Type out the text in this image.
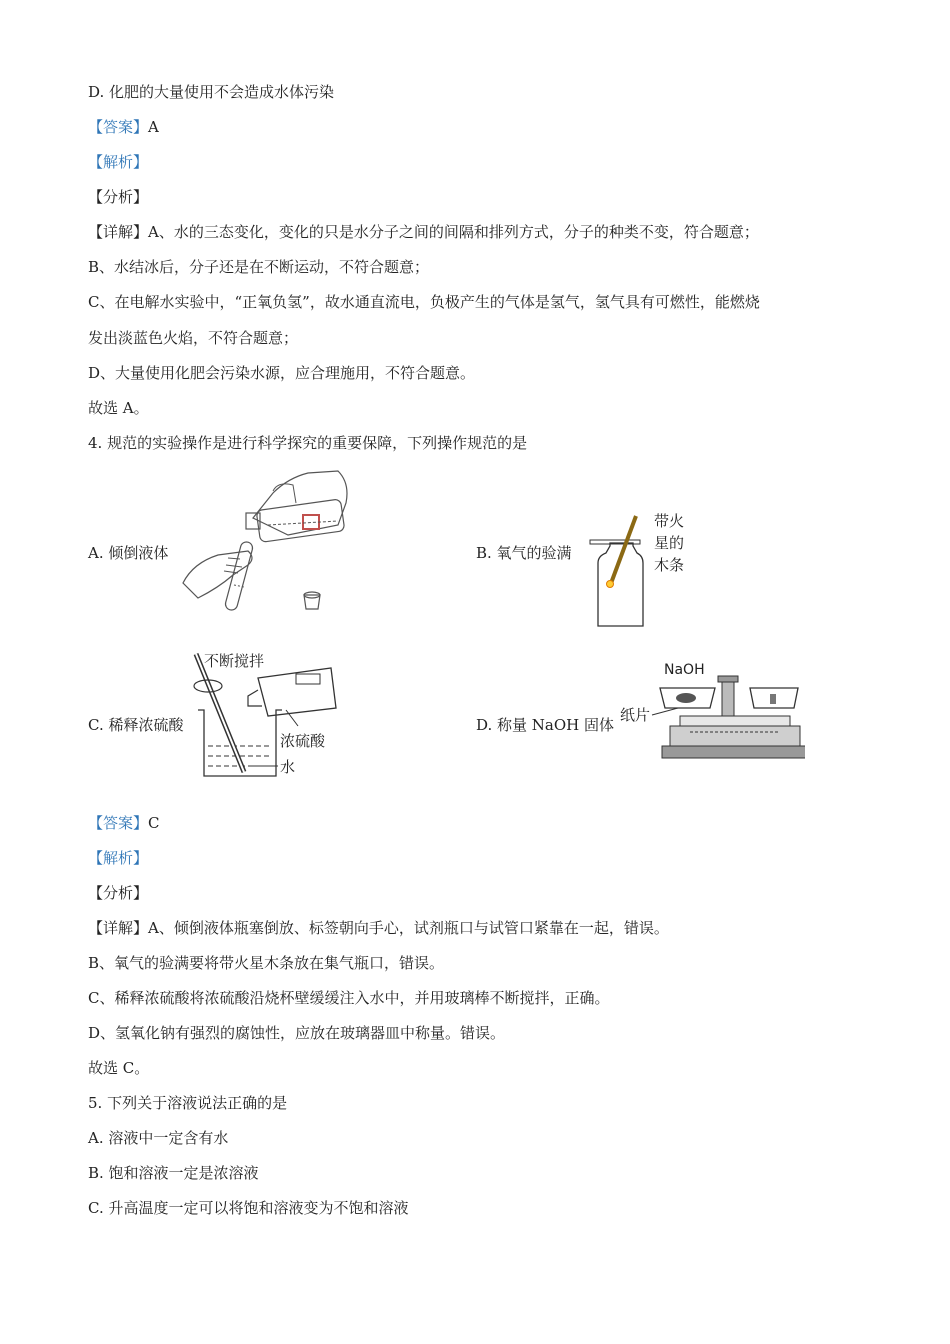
D. 化肥的大量使用不会造成水体污染
【答案】A
【解析】
【分析】
【详解】A、水的三态变化，变化的只是水分子之间的间隔和排列方式，分子的种类不变，符合题意；
B、水结冰后，分子还是在不断运动，不符合题意；
C、在电解水实验中，“正氧负氢”，故水通直流电，负极产生的气体是氢气，氢气具有可燃性，能燃烧
发出淡蓝色火焰，不符合题意；
D、大量使用化肥会污染水源，应合理施用，不符合题意。
故选 A。
4. 规范的实验操作是进行科学探究的重要保障，下列操作规范的是
A. 倾倒液体	B. 氧气的验满
带火
星的
木条
C. 稀释浓硫酸
不断搅拌
浓硫酸
水
D. 称量 NaOH 固体
NaOH
纸片
【答案】C
【解析】
【分析】
【详解】A、倾倒液体瓶塞倒放、标签朝向手心，试剂瓶口与试管口紧靠在一起，错误。
B、氧气的验满要将带火星木条放在集气瓶口，错误。
C、稀释浓硫酸将浓硫酸沿烧杯壁缓缓注入水中，并用玻璃棒不断搅拌，正确。
D、氢氧化钠有强烈的腐蚀性，应放在玻璃器皿中称量。错误。
故选 C。
5. 下列关于溶液说法正确的是
A. 溶液中一定含有水
B. 饱和溶液一定是浓溶液
C. 升高温度一定可以将饱和溶液变为不饱和溶液
